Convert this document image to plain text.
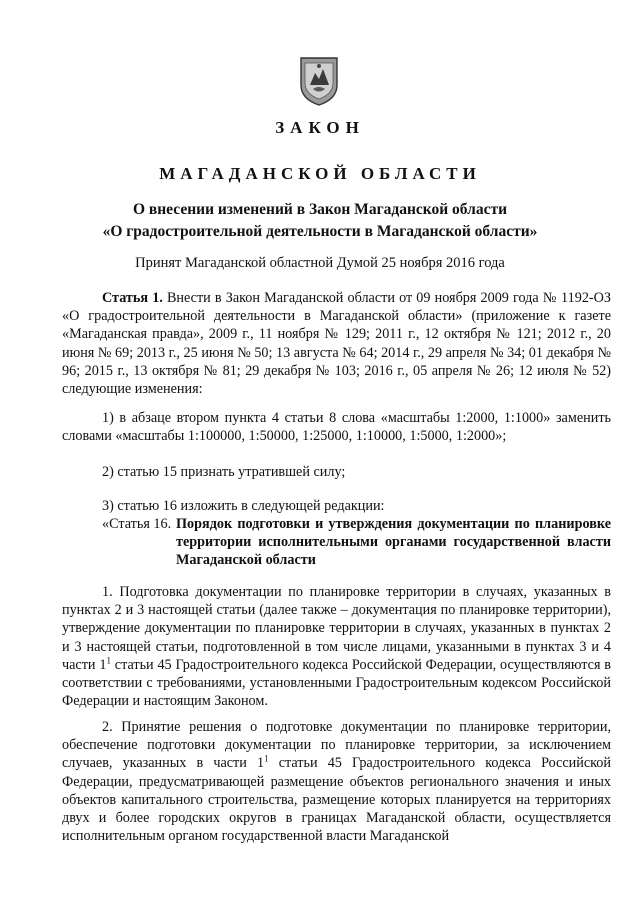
ЗАКОН
МАГАДАНСКОЙ ОБЛАСТИ
О внесении изменений в Закон Магаданской области
«О градостроительной деятельности в Магаданской области»
Принят Магаданской областной Думой 25 ноября 2016 года
Статья 1. Внести в Закон Магаданской области от 09 ноября 2009 года № 1192-ОЗ «О градостроительной деятельности в Магаданской области» (приложение к газете «Магаданская правда», 2009 г., 11 ноября № 129; 2011 г., 12 октября № 121; 2012 г., 20 июня № 69; 2013 г., 25 июня № 50; 13 августа № 64; 2014 г., 29 апреля № 34; 01 декабря № 96; 2015 г., 13 октября № 81; 29 декабря № 103; 2016 г., 05 апреля № 26; 12 июля № 52) следующие изменения:
1) в абзаце втором пункта 4 статьи 8 слова «масштабы 1:2000, 1:1000» заменить словами «масштабы 1:100000, 1:50000, 1:25000, 1:10000, 1:5000, 1:2000»;
2) статью 15 признать утратившей силу;
3) статью 16 изложить в следующей редакции:
«Статья 16. Порядок подготовки и утверждения документации по планировке территории исполнительными органами государственной власти Магаданской области
1. Подготовка документации по планировке территории в случаях, указанных в пунктах 2 и 3 настоящей статьи (далее также – документация по планировке территории), утверждение документации по планировке территории в случаях, указанных в пунктах 2 и 3 настоящей статьи, подготовленной в том числе лицами, указанными в пунктах 3 и 4 части $1^1$ статьи 45 Градостроительного кодекса Российской Федерации, осуществляются в соответствии с требованиями, установленными Градостроительным кодексом Российской Федерации и настоящим Законом.
2. Принятие решения о подготовке документации по планировке территории, обеспечение подготовки документации по планировке территории, за исключением случаев, указанных в части $1^1$ статьи 45 Градостроительного кодекса Российской Федерации, предусматривающей размещение объектов регионального значения и иных объектов капитального строительства, размещение которых планируется на территориях двух и более городских округов в границах Магаданской области, осуществляется исполнительным органом государственной власти Магаданской
